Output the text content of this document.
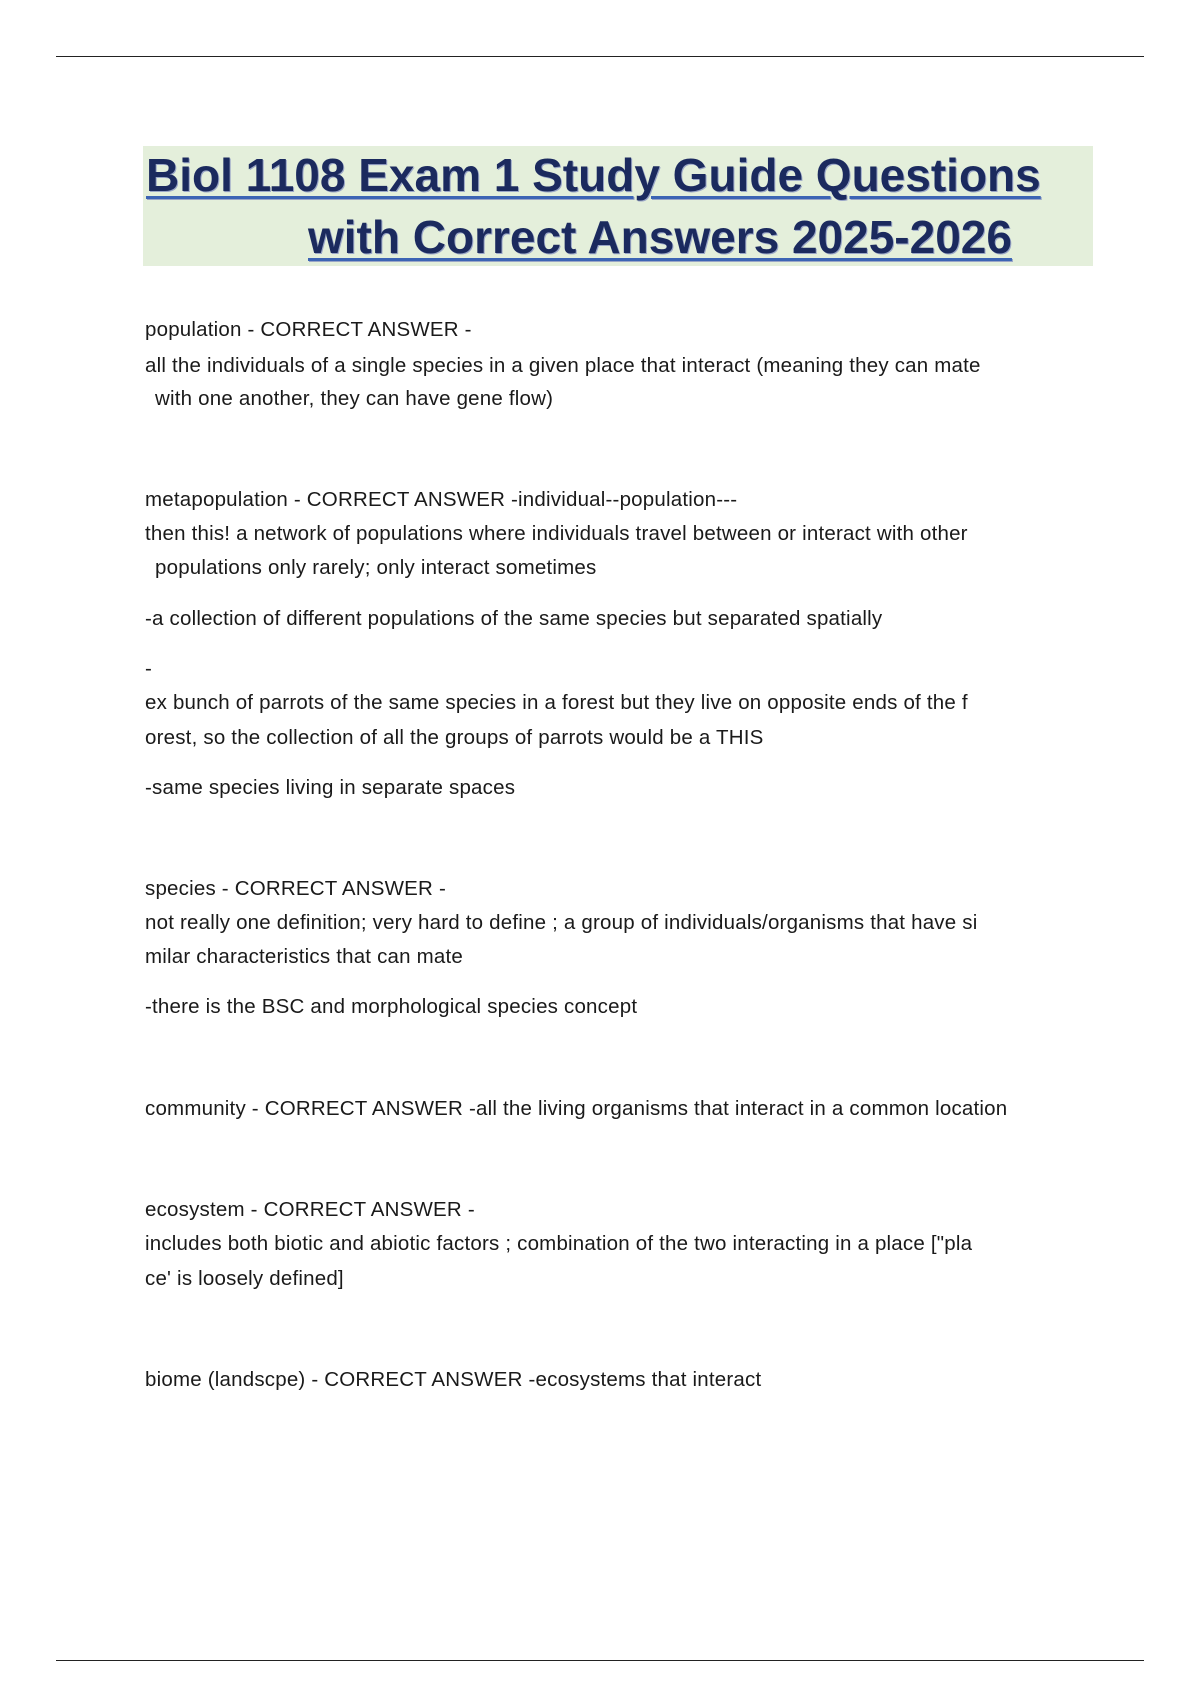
Biol 1108 Exam 1 Study Guide Questions
with Correct Answers 2025-2026
population - CORRECT ANSWER -
all the individuals of a single species in a given place that interact (meaning they can mate
with one another, they can have gene flow)
metapopulation - CORRECT ANSWER -individual--population---
then this! a network of populations where individuals travel between or interact with other
populations only rarely; only interact sometimes
-a collection of different populations of the same species but separated spatially
-
ex bunch of parrots of the same species in a forest but they live on opposite ends of the f
orest, so the collection of all the groups of parrots would be a THIS
-same species living in separate spaces
species - CORRECT ANSWER -
not really one definition; very hard to define ; a group of individuals/organisms that have si
milar characteristics that can mate
-there is the BSC and morphological species concept
community - CORRECT ANSWER -all the living organisms that interact in a common location
ecosystem - CORRECT ANSWER -
includes both biotic and abiotic factors ; combination of the two interacting in a place ["pla
ce' is loosely defined]
biome (landscpe) - CORRECT ANSWER -ecosystems that interact
